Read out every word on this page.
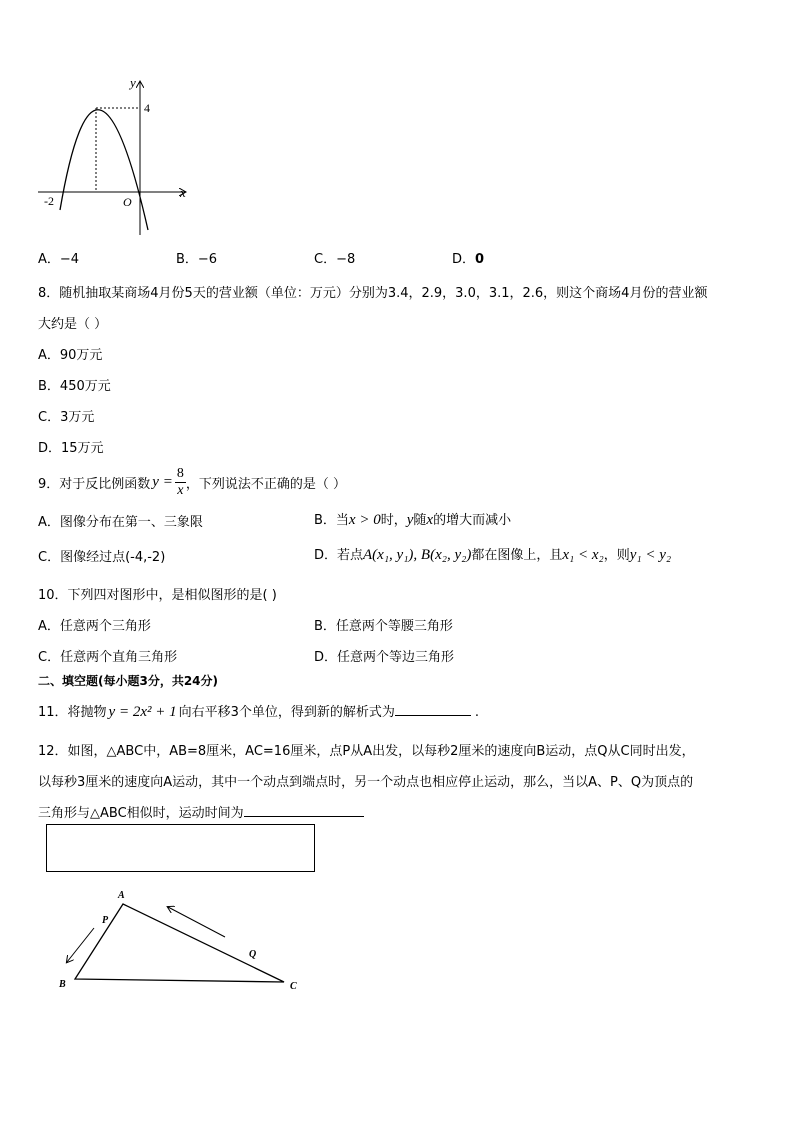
y
x
4
-2	O
A．−4	B．−6	C．−8	D．0
8．随机抽取某商场4月份5天的营业额（单位：万元）分别为3.4，2.9，3.0，3.1，2.6，则这个商场4月份的营业额
大约是（ ）
A．90万元
B．450万元
C．3万元
D．15万元
9．对于反比例函数 $y = \frac{8}{x}$ ，下列说法不正确的是（ ）
A．图像分布在第一、三象限	B．当x > 0时，y随x的增大而减小
C．图像经过点(-4,-2)	D．若点A(x₁, y₁), B(x₂, y₂)都在图像上，且x₁ < x₂，则y₁ < y₂
10．下列四对图形中，是相似图形的是( )
A．任意两个三角形	B．任意两个等腰三角形
C．任意两个直角三角形	D．任意两个等边三角形
二、填空题(每小题3分，共24分)
11．将抛物 y = 2x² + 1 向右平移3个单位，得到新的解析式为	.
12．如图，△ABC中，AB=8厘米，AC=16厘米，点P从A出发，以每秒2厘米的速度向B运动，点Q从C同时出发，
以每秒3厘米的速度向A运动，其中一个动点到端点时，另一个动点也相应停止运动，那么，当以A、P、Q为顶点的
三角形与△ABC相似时，运动时间为
A
B	C
P
Q
